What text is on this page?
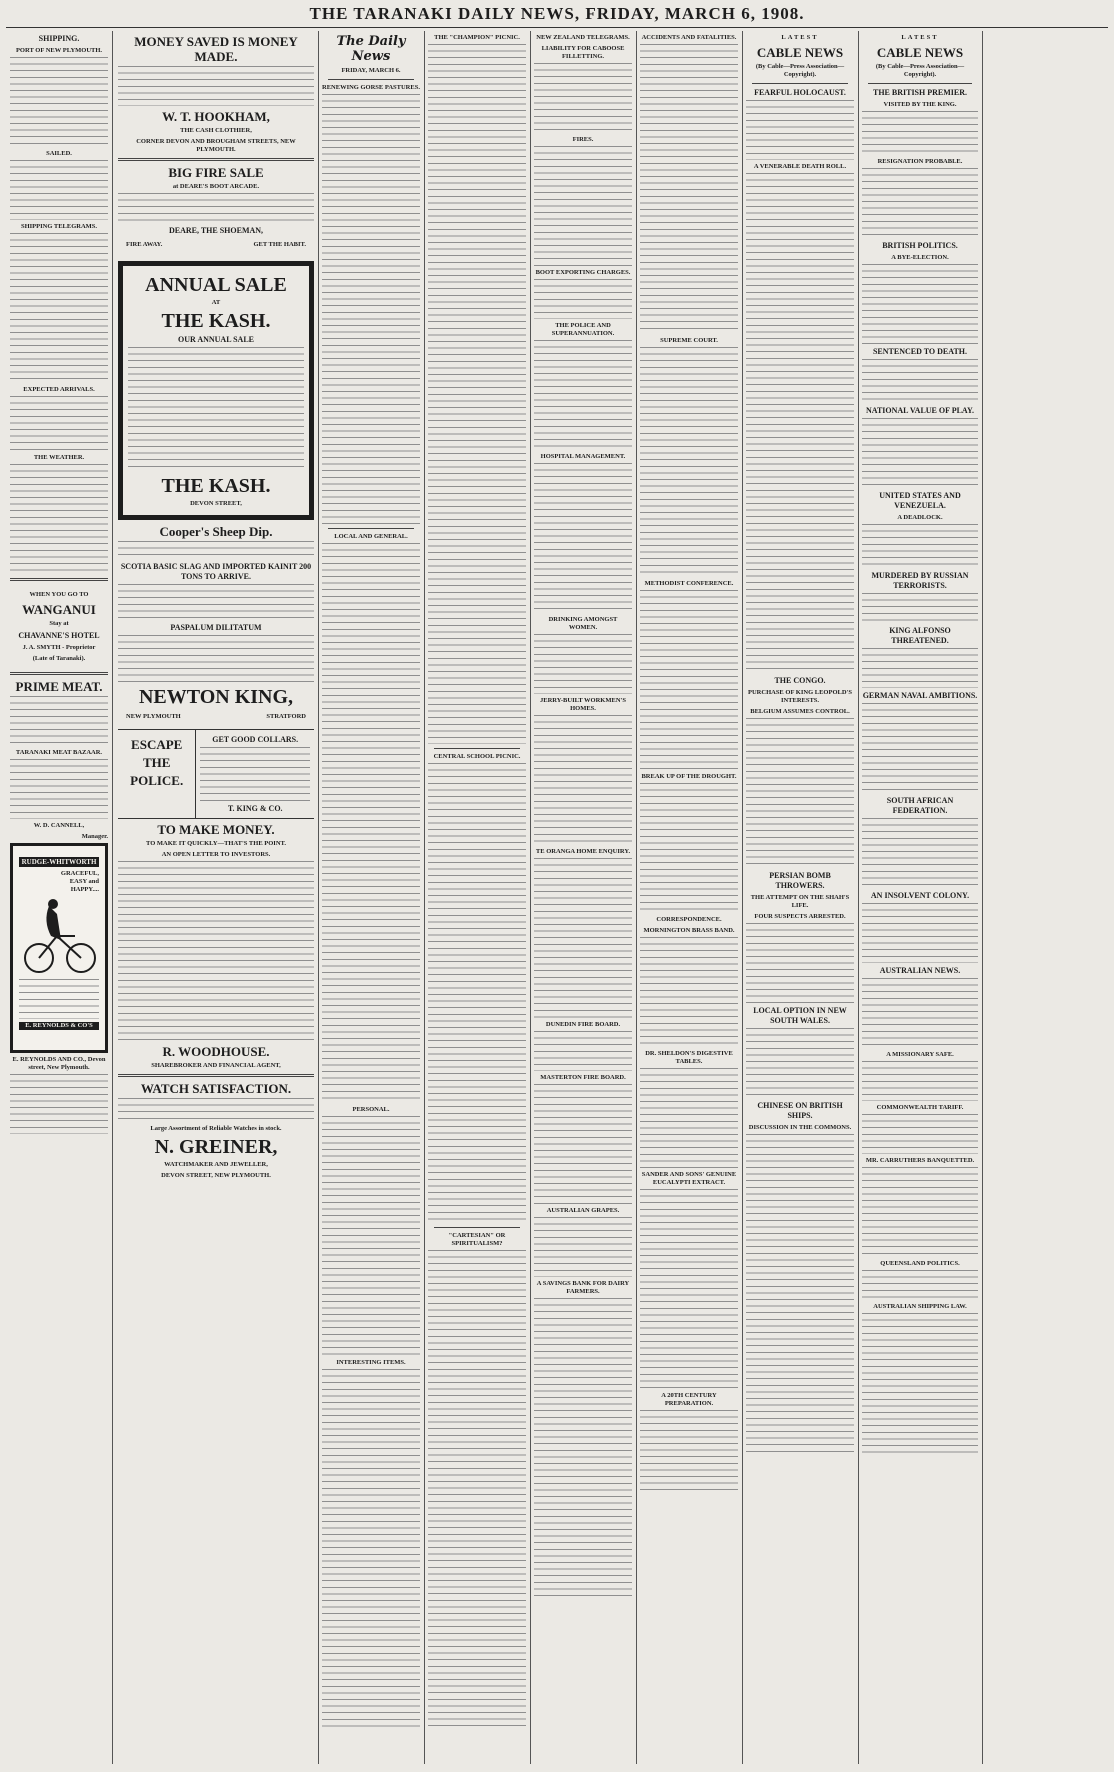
THE TARANAKI DAILY NEWS, FRIDAY, MARCH 6, 1908.
SHIPPING.
PORT OF NEW PLYMOUTH.
SAILED.
SHIPPING TELEGRAMS.
EXPECTED ARRIVALS.
THE WEATHER.
WHEN YOU GO TO
WANGANUI
Stay at
CHAVANNE'S HOTEL
J. A. SMYTH - Proprietor
(Late of Taranaki).
PRIME MEAT.
TARANAKI MEAT BAZAAR.
W. D. CANNELL,
Manager.
RUDGE-WHITWORTH
GRACEFUL, EASY and HAPPY....
E. REYNOLDS & CO'S
E. REYNOLDS AND CO., Devon street, New Plymouth.
MONEY SAVED IS MONEY MADE.
W. T. HOOKHAM,
THE CASH CLOTHIER,
CORNER DEVON AND BROUGHAM STREETS, NEW PLYMOUTH.
BIG FIRE SALE
at DEARE'S BOOT ARCADE.
DEARE, THE SHOEMAN,
FIRE AWAY.	GET THE HABIT.
ANNUAL SALE
AT
THE KASH.
OUR ANNUAL SALE
THE KASH.
DEVON STREET,
Cooper's Sheep Dip.
SCOTIA BASIC SLAG AND IMPORTED KAINIT 200 TONS TO ARRIVE.
PASPALUM DILITATUM
NEWTON KING,
NEW PLYMOUTH	STRATFORD
ESCAPE
THE
POLICE.
GET GOOD COLLARS.
T. KING & CO.
TO MAKE MONEY.
TO MAKE IT QUICKLY—THAT'S THE POINT.
AN OPEN LETTER TO INVESTORS.
R. WOODHOUSE.
SHAREBROKER AND FINANCIAL AGENT,
WATCH SATISFACTION.
Large Assortment of Reliable Watches in stock.
N. GREINER,
WATCHMAKER AND JEWELLER,
DEVON STREET, NEW PLYMOUTH.
The Daily News
FRIDAY, MARCH 6.
RENEWING GORSE PASTURES.
LOCAL AND GENERAL.
PERSONAL.
INTERESTING ITEMS.
THE "CHAMPION" PICNIC.
CENTRAL SCHOOL PICNIC.
"CARTESIAN" OR SPIRITUALISM?
NEW ZEALAND TELEGRAMS.
LIABILITY FOR CABOOSE FILLETTING.
FIRES.
BOOT EXPORTING CHARGES.
THE POLICE AND SUPERANNUATION.
HOSPITAL MANAGEMENT.
DRINKING AMONGST WOMEN.
JERRY-BUILT WORKMEN'S HOMES.
TE ORANGA HOME ENQUIRY.
DUNEDIN FIRE BOARD.
MASTERTON FIRE BOARD.
AUSTRALIAN GRAPES.
A SAVINGS BANK FOR DAIRY FARMERS.
ACCIDENTS AND FATALITIES.
SUPREME COURT.
METHODIST CONFERENCE.
BREAK UP OF THE DROUGHT.
CORRESPONDENCE.
MORNINGTON BRASS BAND.
DR. SHELDON'S DIGESTIVE TABLES.
SANDER AND SONS' GENUINE EUCALYPTI EXTRACT.
A 20TH CENTURY PREPARATION.
LATEST
CABLE NEWS
(By Cable—Press Association—Copyright).
FEARFUL HOLOCAUST.
A VENERABLE DEATH ROLL.
THE CONGO.
PURCHASE OF KING LEOPOLD'S INTERESTS.
BELGIUM ASSUMES CONTROL.
PERSIAN BOMB THROWERS.
THE ATTEMPT ON THE SHAH'S LIFE.
FOUR SUSPECTS ARRESTED.
LOCAL OPTION IN NEW SOUTH WALES.
CHINESE ON BRITISH SHIPS.
DISCUSSION IN THE COMMONS.
LATEST
CABLE NEWS
(By Cable—Press Association—Copyright).
THE BRITISH PREMIER.
VISITED BY THE KING.
RESIGNATION PROBABLE.
BRITISH POLITICS.
A BYE-ELECTION.
SENTENCED TO DEATH.
NATIONAL VALUE OF PLAY.
UNITED STATES AND VENEZUELA.
A DEADLOCK.
MURDERED BY RUSSIAN TERRORISTS.
KING ALFONSO THREATENED.
GERMAN NAVAL AMBITIONS.
SOUTH AFRICAN FEDERATION.
AN INSOLVENT COLONY.
AUSTRALIAN NEWS.
A MISSIONARY SAFE.
COMMONWEALTH TARIFF.
MR. CARRUTHERS BANQUETTED.
QUEENSLAND POLITICS.
AUSTRALIAN SHIPPING LAW.
